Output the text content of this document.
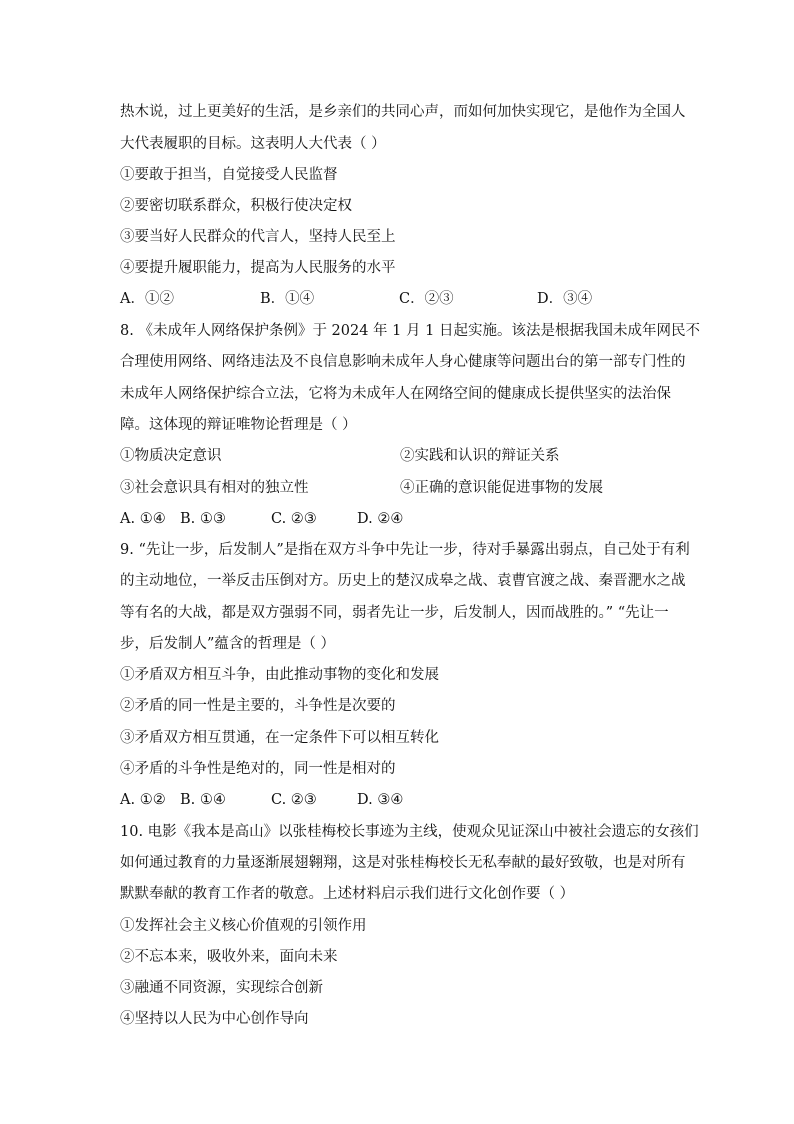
热木说，过上更美好的生活，是乡亲们的共同心声，而如何加快实现它，是他作为全国人
大代表履职的目标。这表明人大代表（ ）
①要敢于担当，自觉接受人民监督
②要密切联系群众，积极行使决定权
③要当好人民群众的代言人，坚持人民至上
④要提升履职能力，提高为人民服务的水平
A．①②	B．①④	C．②③	D．③④
8. 《未成年人网络保护条例》于 2024 年 1 月 1 日起实施。该法是根据我国未成年网民不
合理使用网络、网络违法及不良信息影响未成年人身心健康等问题出台的第一部专门性的
未成年人网络保护综合立法，它将为未成年人在网络空间的健康成长提供坚实的法治保
障。这体现的辩证唯物论哲理是（ ）
①物质决定意识	②实践和认识的辩证关系
③社会意识具有相对的独立性	④正确的意识能促进事物的发展
A. ①④ B. ①③	C. ②③	D. ②④
9. “先让一步，后发制人”是指在双方斗争中先让一步，待对手暴露出弱点，自己处于有利
的主动地位，一举反击压倒对方。历史上的楚汉成皋之战、袁曹官渡之战、秦晋淝水之战
等有名的大战，都是双方强弱不同，弱者先让一步，后发制人，因而战胜的。” “先让一
步，后发制人”蕴含的哲理是（ ）
①矛盾双方相互斗争，由此推动事物的变化和发展
②矛盾的同一性是主要的，斗争性是次要的
③矛盾双方相互贯通，在一定条件下可以相互转化
④矛盾的斗争性是绝对的，同一性是相对的
A. ①② B. ①④	C. ②③	D. ③④
10. 电影《我本是高山》以张桂梅校长事迹为主线，使观众见证深山中被社会遗忘的女孩们
如何通过教育的力量逐渐展翅翱翔，这是对张桂梅校长无私奉献的最好致敬，也是对所有
默默奉献的教育工作者的敬意。上述材料启示我们进行文化创作要（ ）
①发挥社会主义核心价值观的引领作用
②不忘本来，吸收外来，面向未来
③融通不同资源，实现综合创新
④坚持以人民为中心创作导向
